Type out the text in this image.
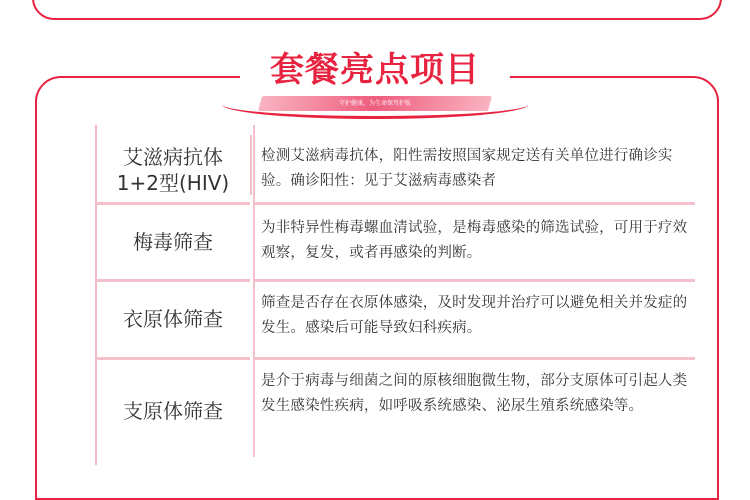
守护健康，为生命保驾护航
套餐亮点项目
艾滋病抗体
1+2型(HIV)
检测艾滋病毒抗体，阳性需按照国家规定送有关单位进行确诊实验。确诊阳性：见于艾滋病毒感染者
梅毒筛查
为非特异性梅毒螺血清试验，是梅毒感染的筛选试验，可用于疗效观察，复发，或者再感染的判断。
衣原体筛查
筛查是否存在衣原体感染，及时发现并治疗可以避免相关并发症的发生。感染后可能导致妇科疾病。
支原体筛查
是介于病毒与细菌之间的原核细胞微生物，部分支原体可引起人类发生感染性疾病，如呼吸系统感染、泌尿生殖系统感染等。
